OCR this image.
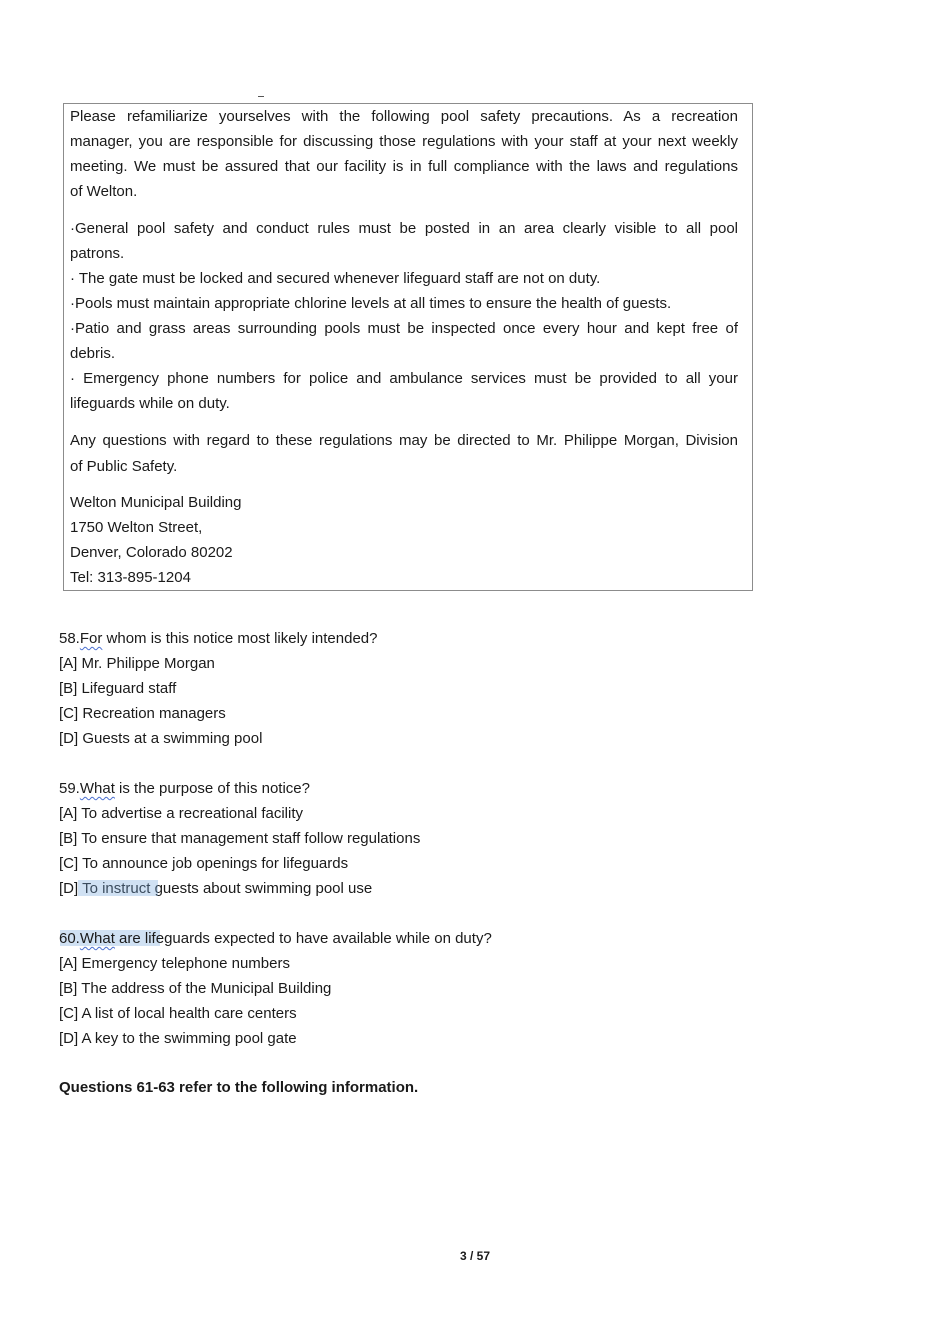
Please refamiliarize yourselves with the following pool safety precautions. As a recreation
manager, you are responsible for discussing those regulations with your staff at your next weekly
meeting. We must be assured that our facility is in full compliance with the laws and regulations
of Welton.
·General pool safety and conduct rules must be posted in an area clearly visible to all pool
patrons.
· The gate must be locked and secured whenever lifeguard staff are not on duty.
·Pools must maintain appropriate chlorine levels at all times to ensure the health of guests.
·Patio and grass areas surrounding pools must be inspected once every hour and kept free of
debris.
· Emergency phone numbers for police and ambulance services must be provided to all your
lifeguards while on duty.
Any questions with regard to these regulations may be directed to Mr. Philippe Morgan, Division
of Public Safety.
Welton Municipal Building
1750 Welton Street,
Denver, Colorado 80202
Tel: 313-895-1204
58.For whom is this notice most likely intended?
[A] Mr. Philippe Morgan
[B] Lifeguard staff
[C] Recreation managers
[D] Guests at a swimming pool
59.What is the purpose of this notice?
[A] To advertise a recreational facility
[B] To ensure that management staff follow regulations
[C] To announce job openings for lifeguards
[D] To instruct guests about swimming pool use
60.What are lifeguards expected to have available while on duty?
[A] Emergency telephone numbers
[B] The address of the Municipal Building
[C] A list of local health care centers
[D] A key to the swimming pool gate
Questions 61-63 refer to the following information.
3 / 57
